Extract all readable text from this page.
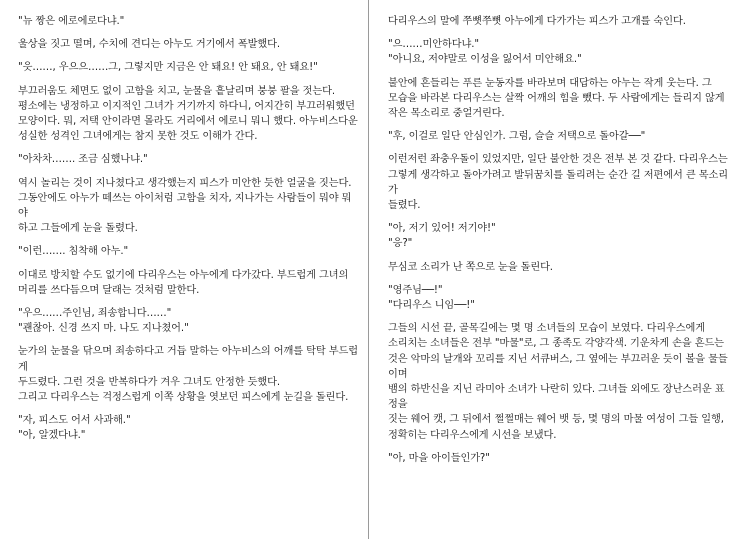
"뉴 짱은 에로에로다냐."

울상을 짓고 떨며, 수치에 견디는 아누도 거기에서 폭발했다.

"읏……, 우으으……그, 그렇지만 지금은 안 돼요! 안 돼요, 안 돼요!"

부끄러움도 체면도 없이 고함을 치고, 눈물을 흩날리며 붕붕 팔을 젓는다.
평소에는 냉정하고 이지적인 그녀가 거기까지 하다니, 어지간히 부끄러워했던
모양이다. 뭐, 저택 안이라면 몰라도 거리에서 에로니 뭐니 했다. 아누비스다운
성실한 성격인 그녀에게는 참지 못한 것도 이해가 간다.

"아차차……. 조금 심했나냐."

역시 놀리는 것이 지나쳤다고 생각했는지 피스가 미안한 듯한 얼굴을 짓는다.
그동안에도 아누가 떼쓰는 아이처럼 고함을 치자, 지나가는 사람들이 뭐야 뭐야
하고 그들에게 눈을 돌렸다.

"이런……. 침착해 아누."

이대로 방치할 수도 없기에 다리우스는 아누에게 다가갔다. 부드럽게 그녀의
머리를 쓰다듬으며 달래는 것처럼 말한다.

"우으……주인님, 죄송합니다……"
"괜찮아. 신경 쓰지 마. 나도 지나쳤어."

눈가의 눈물을 닦으며 죄송하다고 거듭 말하는 아누비스의 어깨를 탁탁 부드럽게
두드렸다. 그런 것을 반복하다가 겨우 그녀도 안정한 듯했다.
그리고 다리우스는 걱정스럽게 이쪽 상황을 엿보던 피스에게 눈길을 돌린다.

"자, 피스도 어서 사과해."
"아, 알겠다냐."

다리우스의 말에 쭈뼛쭈뼛 아누에게 다가가는 피스가 고개를 숙인다.

"으……미안하다냐."
"아니요, 저야말로 이성을 잃어서 미안해요."

불안에 흔들리는 푸른 눈동자를 바라보며 대답하는 아누는 작게 웃는다. 그
모습을 바라본 다리우스는 살짝 어깨의 힘을 뺐다. 두 사람에게는 들리지 않게
작은 목소리로 중얼거린다.

"후, 이걸로 일단 안심인가. 그럼, 슬슬 저택으로 돌아갈──"

이런저런 좌충우돌이 있었지만, 일단 불안한 것은 전부 본 것 같다. 다리우스는
그렇게 생각하고 돌아가려고 발뒤꿈치를 돌리려는 순간 길 저편에서 큰 목소리가
들렸다.

"아, 저기 있어! 저기야!"
"응?"

무심코 소리가 난 쪽으로 눈을 돌린다.

"영주님──!"
"다리우스 니임──!"

그들의 시선 끝, 골목길에는 몇 명 소녀들의 모습이 보였다. 다리우스에게
소리치는 소녀들은 전부 "마물"로, 그 종족도 각양각색. 기운차게 손을 흔드는
것은 악마의 날개와 꼬리를 지닌 서큐버스, 그 옆에는 부끄러운 듯이 볼을 물들이며
뱀의 하반신을 지닌 라미아 소녀가 나란히 있다. 그녀들 외에도 장난스러운 표정을
짓는 웨어 캣, 그 뒤에서 쩔쩔매는 웨어 뱃 등, 몇 명의 마물 여성이 그들 일행,
정확히는 다리우스에게 시선을 보냈다.

"아, 마을 아이들인가?"
